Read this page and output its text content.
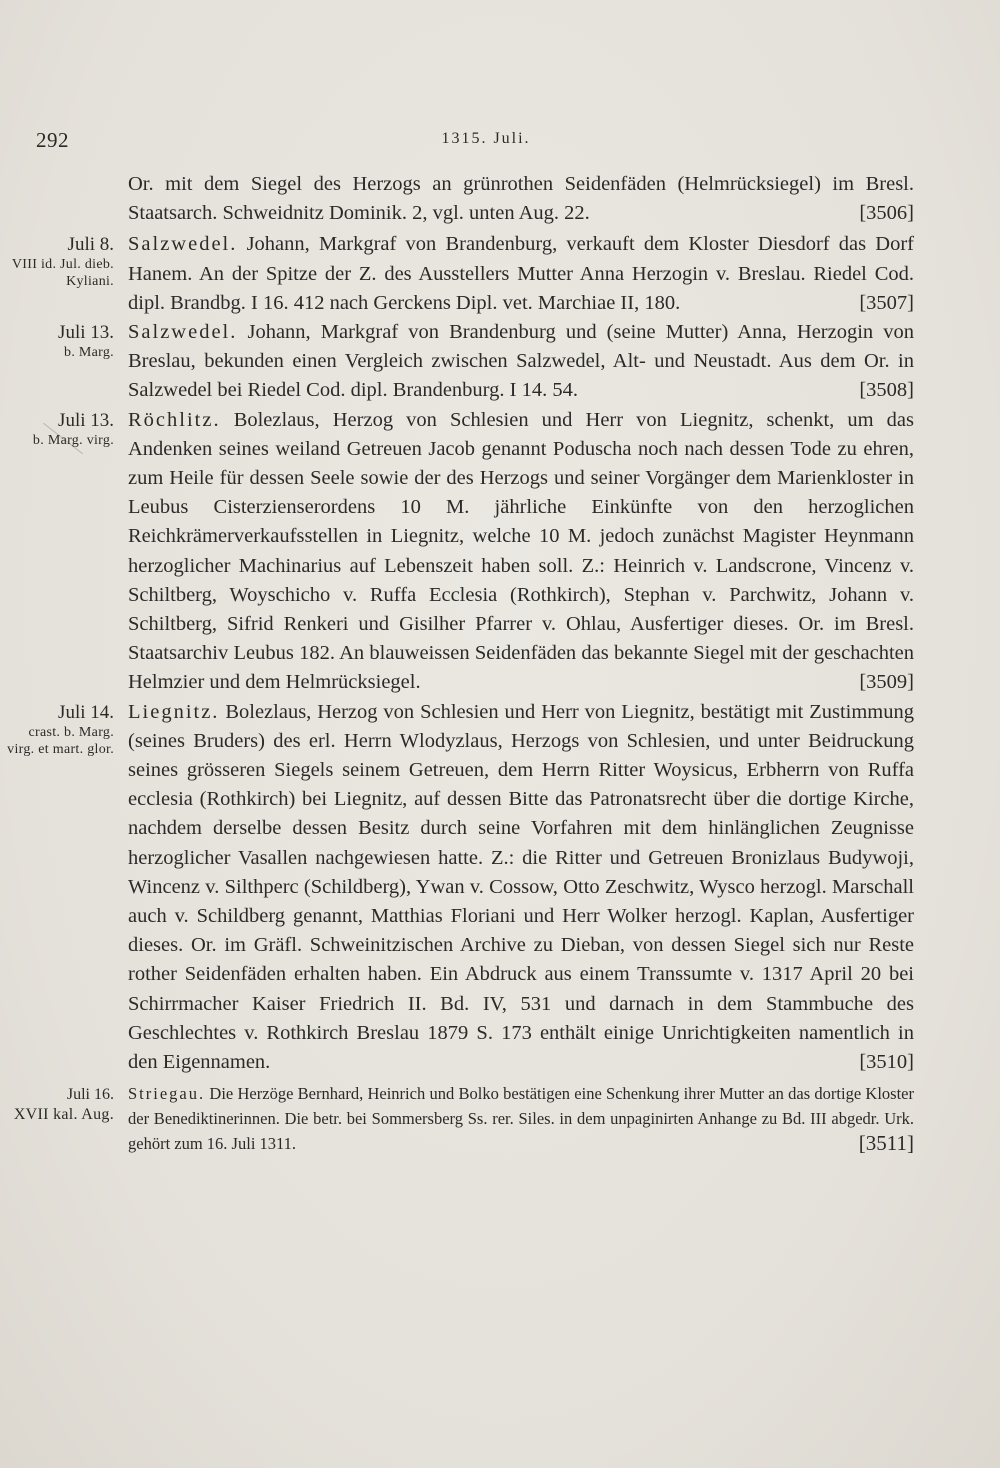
292	1315. Juli.
Or. mit dem Siegel des Herzogs an grünrothen Seidenfäden (Helmrücksiegel) im Bresl. Staatsarch. Schweidnitz Dominik. 2, vgl. unten Aug. 22.	[3506]
Juli 8.
VIII id. Jul. dieb. Kyliani.
Salzwedel. Johann, Markgraf von Brandenburg, verkauft dem Kloster Diesdorf das Dorf Hanem. An der Spitze der Z. des Ausstellers Mutter Anna Herzogin v. Breslau. Riedel Cod. dipl. Brandbg. I 16. 412 nach Gerckens Dipl. vet. Marchiae II, 180.	[3507]
Juli 13.
b. Marg.
Salzwedel. Johann, Markgraf von Brandenburg und (seine Mutter) Anna, Herzogin von Breslau, bekunden einen Vergleich zwischen Salzwedel, Alt- und Neustadt. Aus dem Or. in Salzwedel bei Riedel Cod. dipl. Brandenburg. I 14. 54.	[3508]
Juli 13.
b. Marg. virg.
Röchlitz. Bolezlaus, Herzog von Schlesien und Herr von Liegnitz, schenkt, um das Andenken seines weiland Getreuen Jacob genannt Poduscha noch nach dessen Tode zu ehren, zum Heile für dessen Seele sowie der des Herzogs und seiner Vorgänger dem Marienkloster in Leubus Cisterzienserordens 10 M. jährliche Einkünfte von den herzoglichen Reichkrämerverkaufsstellen in Liegnitz, welche 10 M. jedoch zunächst Magister Heynmann herzoglicher Machinarius auf Lebenszeit haben soll. Z.: Heinrich v. Landscrone, Vincenz v. Schiltberg, Woyschicho v. Ruffa Ecclesia (Rothkirch), Stephan v. Parchwitz, Johann v. Schiltberg, Sifrid Renkeri und Gisilher Pfarrer v. Ohlau, Ausfertiger dieses. Or. im Bresl. Staatsarchiv Leubus 182. An blauweissen Seidenfäden das bekannte Siegel mit der geschachten Helmzier und dem Helmrücksiegel.	[3509]
Juli 14.
crast. b. Marg. virg. et mart. glor.
Liegnitz. Bolezlaus, Herzog von Schlesien und Herr von Liegnitz, bestätigt mit Zustimmung (seines Bruders) des erl. Herrn Wlodyzlaus, Herzogs von Schlesien, und unter Beidruckung seines grösseren Siegels seinem Getreuen, dem Herrn Ritter Woysicus, Erbherrn von Ruffa ecclesia (Rothkirch) bei Liegnitz, auf dessen Bitte das Patronatsrecht über die dortige Kirche, nachdem derselbe dessen Besitz durch seine Vorfahren mit dem hinlänglichen Zeugnisse herzoglicher Vasallen nachgewiesen hatte. Z.: die Ritter und Getreuen Bronizlaus Budywoji, Wincenz v. Silthperc (Schildberg), Ywan v. Cossow, Otto Zeschwitz, Wysco herzogl. Marschall auch v. Schildberg genannt, Matthias Floriani und Herr Wolker herzogl. Kaplan, Ausfertiger dieses. Or. im Gräfl. Schweinitzischen Archive zu Dieban, von dessen Siegel sich nur Reste rother Seidenfäden erhalten haben. Ein Abdruck aus einem Transsumte v. 1317 April 20 bei Schirrmacher Kaiser Friedrich II. Bd. IV, 531 und darnach in dem Stammbuche des Geschlechtes v. Rothkirch Breslau 1879 S. 173 enthält einige Unrichtigkeiten namentlich in den Eigennamen.	[3510]
Juli 16.
XVII kal. Aug.
Striegau. Die Herzöge Bernhard, Heinrich und Bolko bestätigen eine Schenkung ihrer Mutter an das dortige Kloster der Benediktinerinnen. Die betr. bei Sommersberg Ss. rer. Siles. in dem unpaginirten Anhange zu Bd. III abgedr. Urk. gehört zum 16. Juli 1311.	[3511]
